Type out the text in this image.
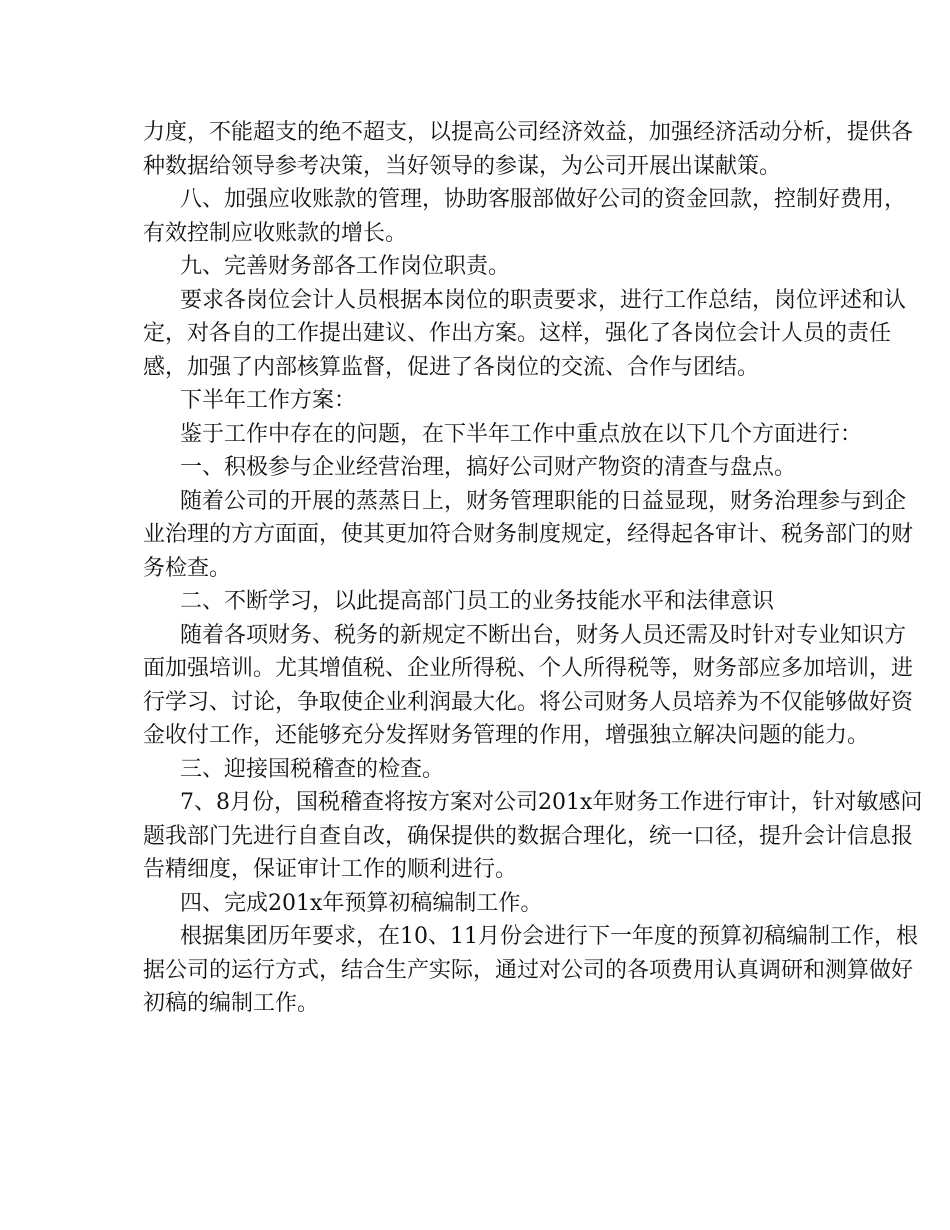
力度，不能超支的绝不超支，以提高公司经济效益，加强经济活动分析，提供各
种数据给领导参考决策，当好领导的参谋，为公司开展出谋献策。
八、加强应收账款的管理，协助客服部做好公司的资金回款，控制好费用，
有效控制应收账款的增长。
九、完善财务部各工作岗位职责。
要求各岗位会计人员根据本岗位的职责要求，进行工作总结，岗位评述和认
定，对各自的工作提出建议、作出方案。这样，强化了各岗位会计人员的责任
感，加强了内部核算监督，促进了各岗位的交流、合作与团结。
下半年工作方案：
鉴于工作中存在的问题，在下半年工作中重点放在以下几个方面进行：
一、积极参与企业经营治理，搞好公司财产物资的清查与盘点。
随着公司的开展的蒸蒸日上，财务管理职能的日益显现，财务治理参与到企
业治理的方方面面，使其更加符合财务制度规定，经得起各审计、税务部门的财
务检查。
二、不断学习，以此提高部门员工的业务技能水平和法律意识
随着各项财务、税务的新规定不断出台，财务人员还需及时针对专业知识方
面加强培训。尤其增值税、企业所得税、个人所得税等，财务部应多加培训，进
行学习、讨论，争取使企业利润最大化。将公司财务人员培养为不仅能够做好资
金收付工作，还能够充分发挥财务管理的作用，增强独立解决问题的能力。
三、迎接国税稽查的检查。
7、8月份，国税稽查将按方案对公司201x年财务工作进行审计，针对敏感问
题我部门先进行自查自改，确保提供的数据合理化，统一口径，提升会计信息报
告精细度，保证审计工作的顺利进行。
四、完成201x年预算初稿编制工作。
根据集团历年要求，在10、11月份会进行下一年度的预算初稿编制工作，根
据公司的运行方式，结合生产实际，通过对公司的各项费用认真调研和测算做好
初稿的编制工作。
